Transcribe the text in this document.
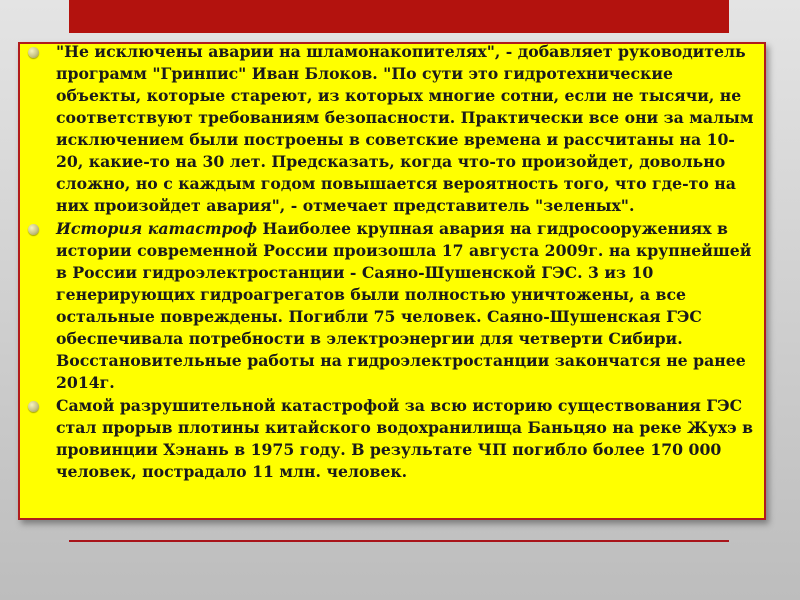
"Не исключены аварии на шламонакопителях", - добавляет руководитель программ "Гринпис" Иван Блоков. "По сути это гидротехнические объекты, которые стареют, из которых многие сотни, если не тысячи, не соответствуют требованиям безопасности. Практически все они за малым исключением были построены в советские времена и рассчитаны на 10-20, какие-то на 30 лет. Предсказать, когда что-то произойдет, довольно сложно, но с каждым годом повышается вероятность того, что где-то на них произойдет авария", - отмечает представитель "зеленых".
История катастроф Наиболее крупная авария на гидросооружениях в истории современной России произошла 17 августа 2009г. на крупнейшей в России гидроэлектростанции - Саяно-Шушенской ГЭС. 3 из 10 генерирующих гидроагрегатов были полностью уничтожены, а все остальные повреждены. Погибли 75 человек. Саяно-Шушенская ГЭС обеспечивала потребности в электроэнергии для четверти Сибири. Восстановительные работы на гидроэлектростанции закончатся не ранее 2014г.
Самой разрушительной катастрофой за всю историю существования ГЭС стал прорыв плотины китайского водохранилища Баньцяо на реке Жухэ в провинции Хэнань в 1975 году. В результате ЧП погибло более 170 000 человек, пострадало 11 млн. человек.
